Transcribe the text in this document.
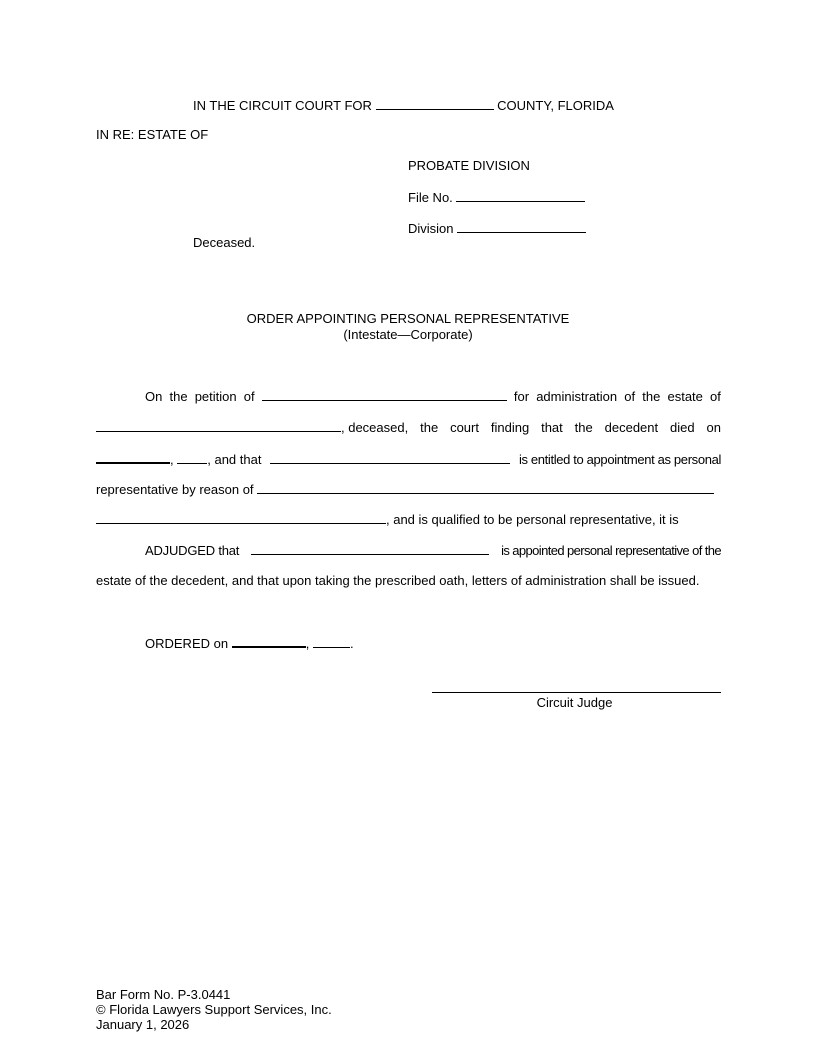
IN THE CIRCUIT COURT FOR	COUNTY, FLORIDA
IN RE: ESTATE OF
PROBATE DIVISION
File No.
Division
Deceased.
ORDER APPOINTING PERSONAL REPRESENTATIVE
(Intestate—Corporate)
On the petition of	for administration of the estate of
, deceased, the court finding that the decedent died on
,	, and that	is entitled to appointment as personal
representative by reason of
, and is qualified to be personal representative, it is
ADJUDGED that	is appointed personal representative of the
estate of the decedent, and that upon taking the prescribed oath, letters of administration shall be issued.
ORDERED on	,	.
Circuit Judge
Bar Form No. P-3.0441
© Florida Lawyers Support Services, Inc.
January 1, 2026
